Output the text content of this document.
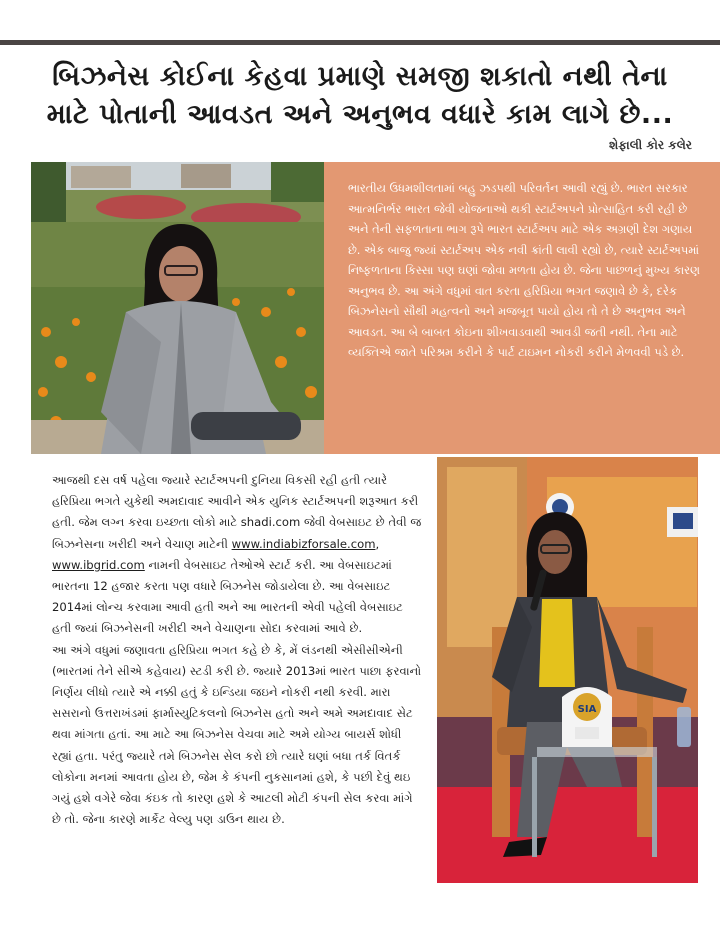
બિઝનેસ કોઈના કેહવા પ્રમાણે સમજી શકાતો નથી તેના માટે પોતાની આવડત અને અનુભવ વધારે કામ લાગે છે...
શેફાલી કોર કલેર

ભારતીય ઉધમશીલતામાં બહુ ઝડપથી પરિવર્તન આવી રહ્યું છે. ભારત સરકાર આત્મનિર્ભર ભારત જેવી યોજનાઓ થકી સ્ટાર્ટઅપને પ્રોત્સાહિત કરી રહી છે અને તેની સફળતાના ભાગ રૂપે ભારત સ્ટાર્ટઅપ માટે એક અગ્રણી દેશ ગણાય છે. એક બાજુ જ્યાં સ્ટાર્ટઅપ એક નવી ક્રાંતી લાવી રહ્યો છે, ત્યારે સ્ટાર્ટઅપમાં નિષ્ફળતાના કિસ્સા પણ ઘણાં જોવા મળતા હોય છે. જેના પાછળનું મુખ્ય કારણ અનુભવ છે. આ અંગે વધુમાં વાત કરતા હરિપ્રિયા ભગત જણાવે છે કે, દરેક બિઝનેસનો સૌથી મહત્વનો અને મજબૂત પાયો હોય તો તે છે અનુભવ અને આવડત. આ બે બાબત કોઇના શીખવાડવાથી આવડી જતી નથી. તેના માટે વ્યક્તિએ જાતે પરિશ્રમ કરીને કે પાર્ટ ટાઇમન નોકરી કરીને મેળવવી પડે છે.

આજથી દસ વર્ષ પહેલા જ્યારે સ્ટાર્ટઅપની દુનિયા વિકસી રહી હતી ત્યારે હરિપ્રિયા ભગતે યુકેથી અમદાવાદ આવીને એક યુનિક સ્ટાર્ટઅપની શરૂઆત કરી હતી. જેમ લગ્ન કરવા ઇચ્છતા લોકો માટે shadi.com જેવી વેબસાઇટ છે તેવી જ બિઝનેસના ખરીદી અને વેચાણ માટેની www.indiabizforsale.com, www.ibgrid.com નામની વેબસાઇટ તેઓએ સ્ટાર્ટ કરી. આ વેબસાઇટમાં ભારતના 12 હજાર કરતા પણ વધારે બિઝનેસ જોડાયેલા છે. આ વેબસાઇટ 2014માં લોન્ચ કરવામા આવી હતી અને આ ભારતની એવી પહેલી વેબસાઇટ હતી જ્યાં બિઝનેસની ખરીદી અને વેચાણના સોદા કરવામાં આવે છે.

આ અંગે વધુમાં જણાવતા હરિપ્રિયા ભગત કહે છે કે, મેં લંડનથી એસીસીએની (ભારતમાં તેને સીએ કહેવાય) સ્ટડી કરી છે. જ્યારે 2013માં ભારત પાછા ફરવાનો નિર્ણય લીધો ત્યારે એ નક્કી હતું કે ઇન્ડિયા જઇને નોકરી નથી કરવી. મારા સસરાનો ઉત્તરાખંડમાં ફાર્માસ્યુટિકલનો બિઝનેસ હતો અને અમે અમદાવાદ સેટ થવા માંગતા હતાં. આ માટે આ બિઝનેસ વેચવા માટે અમે યોગ્ય બાયર્સ શોધી રહ્યાં હતા. પરંતુ જ્યારે તમે બિઝનેસ સેલ કરો છો ત્યારે ઘણાં બધા તર્ક વિતર્ક લોકોના મનમાં આવતા હોય છે, જેમ કે કંપની નુકસાનમાં હશે, કે પછી દેવું થઇ ગયું હશે વગેરે જેવા કંઇક તો કારણ હશે કે આટલી મોટી કંપની સેલ કરવા માંગે છે તો. જેના કારણે માર્કેટ વેલ્યુ પણ ડાઉન થાય છે.

SIA
